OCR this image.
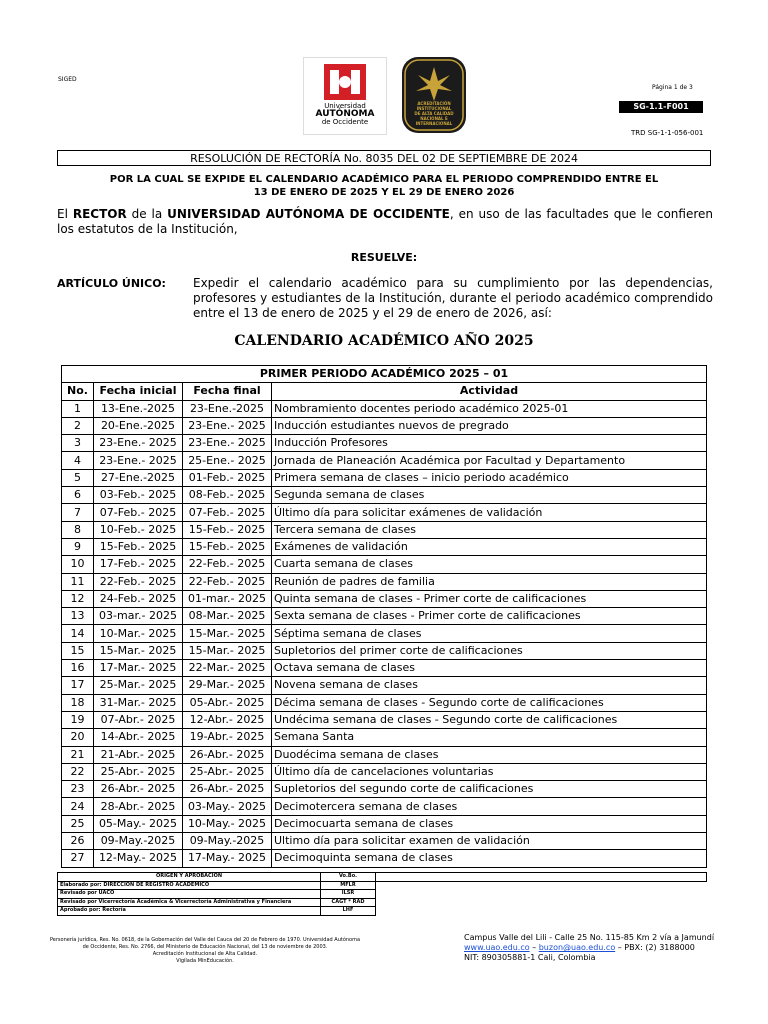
SIGED
Universidad
AUTÓNOMA
de Occidente
ACREDITACIÓN
INSTITUCIONAL
DE ALTA CALIDAD
NACIONAL E
INTERNACIONAL
Página 1 de 3
SG-1.1-F001
TRD SG-1-1-056-001
RESOLUCIÓN DE RECTORÍA No. 8035 DEL 02 DE SEPTIEMBRE DE 2024
POR LA CUAL SE EXPIDE EL CALENDARIO ACADÉMICO PARA EL PERIODO COMPRENDIDO ENTRE EL
13 DE ENERO DE 2025 Y EL 29 DE ENERO 2026
El RECTOR de la UNIVERSIDAD AUTÓNOMA DE OCCIDENTE, en uso de las facultades que le confieren los estatutos de la Institución,
RESUELVE:
ARTÍCULO ÚNICO: Expedir el calendario académico para su cumplimiento por las dependencias, profesores y estudiantes de la Institución, durante el periodo académico comprendido entre el 13 de enero de 2025 y el 29 de enero de 2026, así:
CALENDARIO ACADÉMICO AÑO 2025
PRIMER PERIODO ACADÉMICO 2025 – 01			
No.	Fecha inicial	Fecha final	Actividad
1	13-Ene.-2025	23-Ene.-2025	Nombramiento docentes periodo académico 2025-01
2	20-Ene.-2025	23-Ene.- 2025	Inducción estudiantes nuevos de pregrado
3	23-Ene.- 2025	23-Ene.- 2025	Inducción Profesores
4	23-Ene.- 2025	25-Ene.- 2025	Jornada de Planeación Académica por Facultad y Departamento
5	27-Ene.-2025	01-Feb.- 2025	Primera semana de clases – inicio periodo académico
6	03-Feb.- 2025	08-Feb.- 2025	Segunda semana de clases
7	07-Feb.- 2025	07-Feb.- 2025	Último día para solicitar exámenes de validación
8	10-Feb.- 2025	15-Feb.- 2025	Tercera semana de clases
9	15-Feb.- 2025	15-Feb.- 2025	Exámenes de validación
10	17-Feb.- 2025	22-Feb.- 2025	Cuarta semana de clases
11	22-Feb.- 2025	22-Feb.- 2025	Reunión de padres de familia
12	24-Feb.- 2025	01-mar.- 2025	Quinta semana de clases - Primer corte de calificaciones
13	03-mar.- 2025	08-Mar.- 2025	Sexta semana de clases - Primer corte de calificaciones
14	10-Mar.- 2025	15-Mar.- 2025	Séptima semana de clases
15	15-Mar.- 2025	15-Mar.- 2025	Supletorios del primer corte de calificaciones
16	17-Mar.- 2025	22-Mar.- 2025	Octava semana de clases
17	25-Mar.- 2025	29-Mar.- 2025	Novena semana de clases
18	31-Mar.- 2025	05-Abr.- 2025	Décima semana de clases - Segundo corte de calificaciones
19	07-Abr.- 2025	12-Abr.- 2025	Undécima semana de clases - Segundo corte de calificaciones
20	14-Abr.- 2025	19-Abr.- 2025	Semana Santa
21	21-Abr.- 2025	26-Abr.- 2025	Duodécima semana de clases
22	25-Abr.- 2025	25-Abr.- 2025	Último día de cancelaciones voluntarias
23	26-Abr.- 2025	26-Abr.- 2025	Supletorios del segundo corte de calificaciones
24	28-Abr.- 2025	03-May.- 2025	Decimotercera semana de clases
25	05-May.- 2025	10-May.- 2025	Decimocuarta semana de clases
26	09-May.-2025	09-May.-2025	Ultimo día para solicitar examen de validación
27	12-May.- 2025	17-May.- 2025	Decimoquinta semana de clases
ORIGEN Y APROBACIÓN	Vo.Bo.	
Elaborado por: DIRECCIÓN DE REGISTRO ACADÉMICO	MFLR	
Revisado por UACO	ILSR	
Revisado por Vicerrectoría Académica & Vicerrectoría Administrativa y Financiera	CAGT * RAD	
Aprobado por: Rectoría	LHF	
Personería jurídica, Res. No. 0618, de la Gobernación del Valle del Cauca del 20 de Febrero de 1970. Universidad Autónoma
de Occidente, Res. No. 2766, del Ministerio de Educación Nacional, del 13 de noviembre de 2003.
Acreditación Institucional de Alta Calidad.
Vigilada MinEducación.
Campus Valle del Lili - Calle 25 No. 115-85 Km 2 vía a Jamundí
www.uao.edu.co – buzon@uao.edu.co – PBX: (2) 3188000
NIT: 890305881-1 Cali, Colombia
